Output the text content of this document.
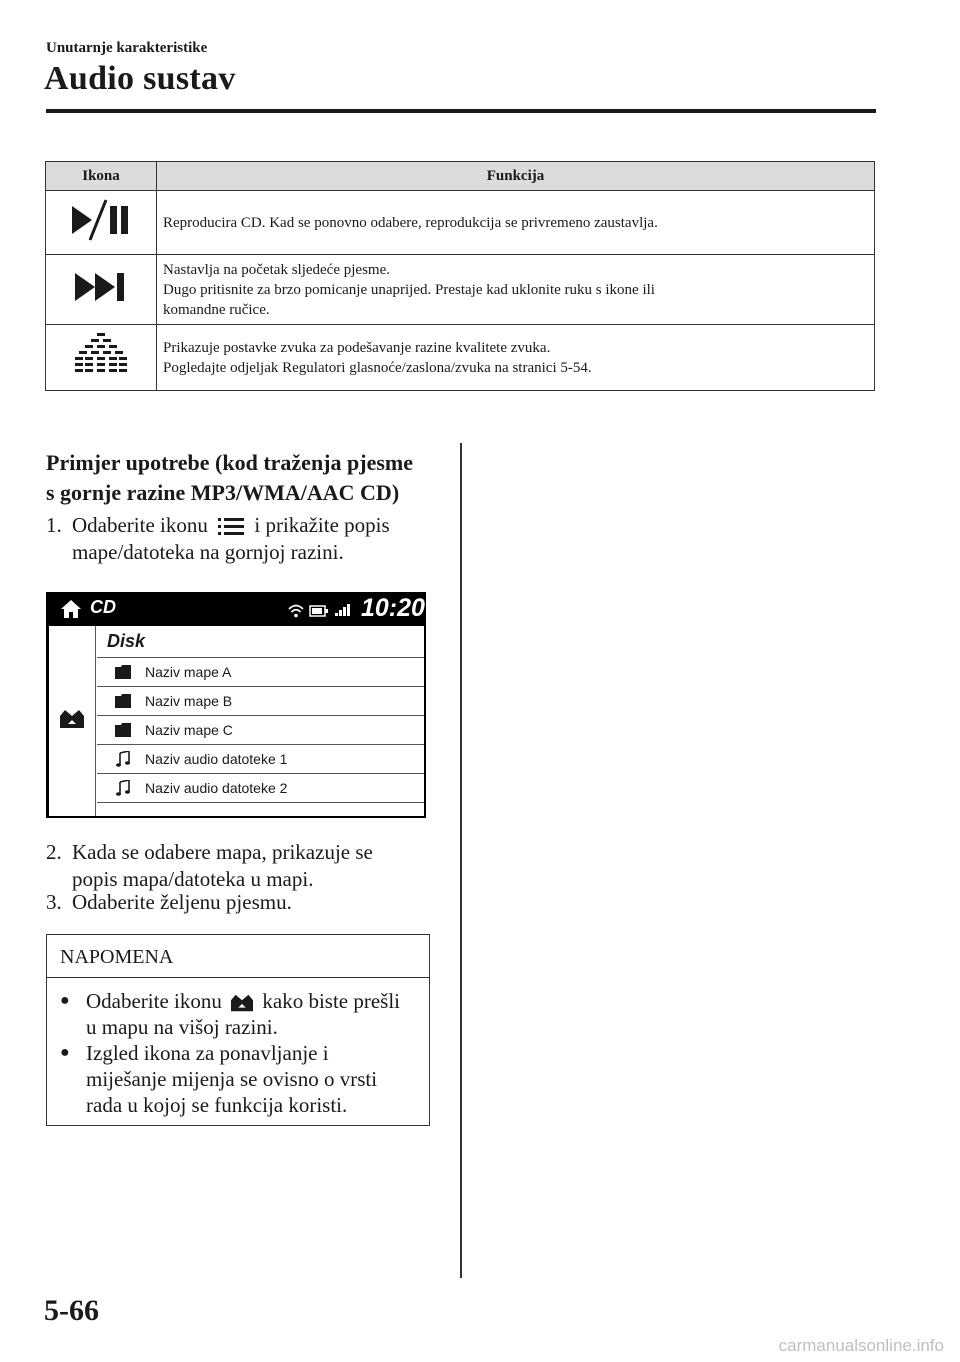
Unutarnje karakteristike
Audio sustav
Ikona	Funkcija

Reproducira CD. Kad se ponovno odabere, reprodukcija se privremeno zaustavlja.

Nastavlja na početak sljedeće pjesme.
Dugo pritisnite za brzo pomicanje unaprijed. Prestaje kad uklonite ruku s ikone ili
komandne ručice.

Prikazuje postavke zvuka za podešavanje razine kvalitete zvuka.
Pogledajte odjeljak Regulatori glasnoće/zaslona/zvuka na stranici 5-54.
Primjer upotrebe (kod traženja pjesme
s gornje razine MP3/WMA/AAC CD)
1. Odaberite ikonu i prikažite popis
mape/datoteka na gornjoj razini.
CD	10:20
Disk
Naziv mape A
Naziv mape B
Naziv mape C
Naziv audio datoteke 1
Naziv audio datoteke 2
2. Kada se odabere mapa, prikazuje se
popis mapa/datoteka u mapi.
3. Odaberite željenu pjesmu.
NAPOMENA
● Odaberite ikonu kako biste prešli
u mapu na višoj razini.
● Izgled ikona za ponavljanje i
miješanje mijenja se ovisno o vrsti
rada u kojoj se funkcija koristi.
5-66
carmanualsonline.info
